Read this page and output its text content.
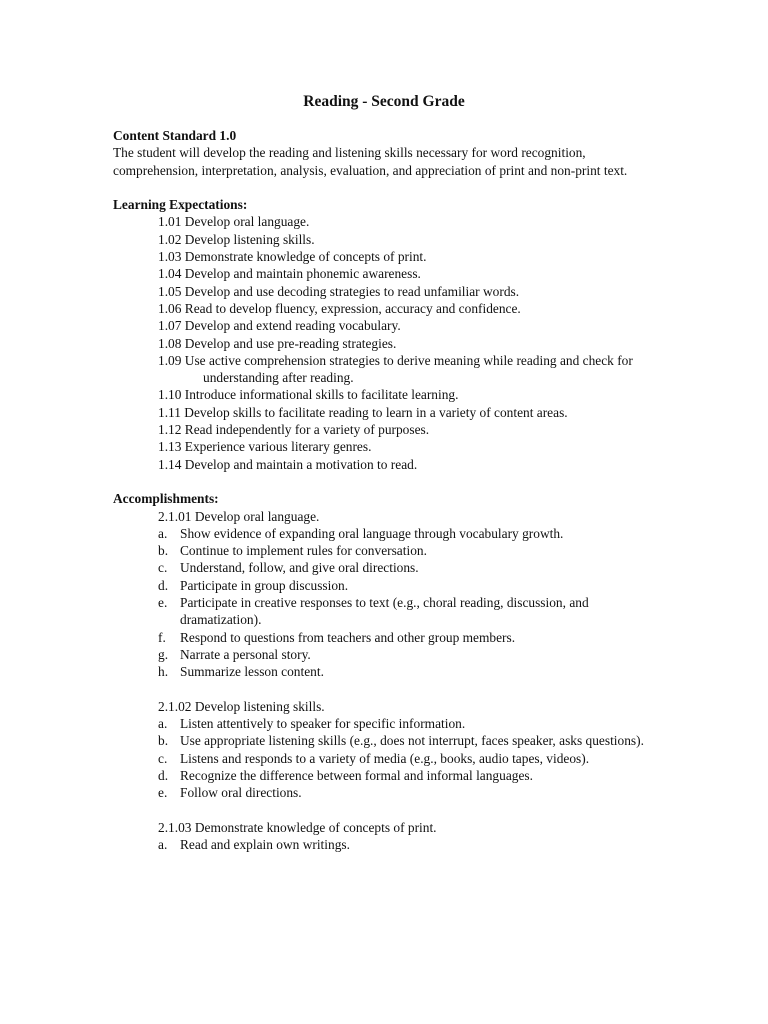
Reading - Second Grade
Content Standard 1.0

The student will develop the reading and listening skills necessary for word recognition, comprehension, interpretation, analysis, evaluation, and appreciation of print and non-print text.

Learning Expectations:
1.01 Develop oral language.
1.02 Develop listening skills.
1.03 Demonstrate knowledge of concepts of print.
1.04 Develop and maintain phonemic awareness.
1.05 Develop and use decoding strategies to read unfamiliar words.
1.06 Read to develop fluency, expression, accuracy and confidence.
1.07 Develop and extend reading vocabulary.
1.08 Develop and use pre-reading strategies.
1.09 Use active comprehension strategies to derive meaning while reading and check for understanding after reading.
1.10 Introduce informational skills to facilitate learning.
1.11 Develop skills to facilitate reading to learn in a variety of content areas.
1.12 Read independently for a variety of purposes.
1.13 Experience various literary genres.
1.14 Develop and maintain a motivation to read.
Accomplishments:
2.1.01 Develop oral language.
a. Show evidence of expanding oral language through vocabulary growth.
b. Continue to implement rules for conversation.
c. Understand, follow, and give oral directions.
d. Participate in group discussion.
e. Participate in creative responses to text (e.g., choral reading, discussion, and dramatization).
f. Respond to questions from teachers and other group members.
g. Narrate a personal story.
h. Summarize lesson content.
2.1.02 Develop listening skills.
a. Listen attentively to speaker for specific information.
b. Use appropriate listening skills (e.g., does not interrupt, faces speaker, asks questions).
c. Listens and responds to a variety of media (e.g., books, audio tapes, videos).
d. Recognize the difference between formal and informal languages.
e. Follow oral directions.
2.1.03 Demonstrate knowledge of concepts of print.
a. Read and explain own writings.
